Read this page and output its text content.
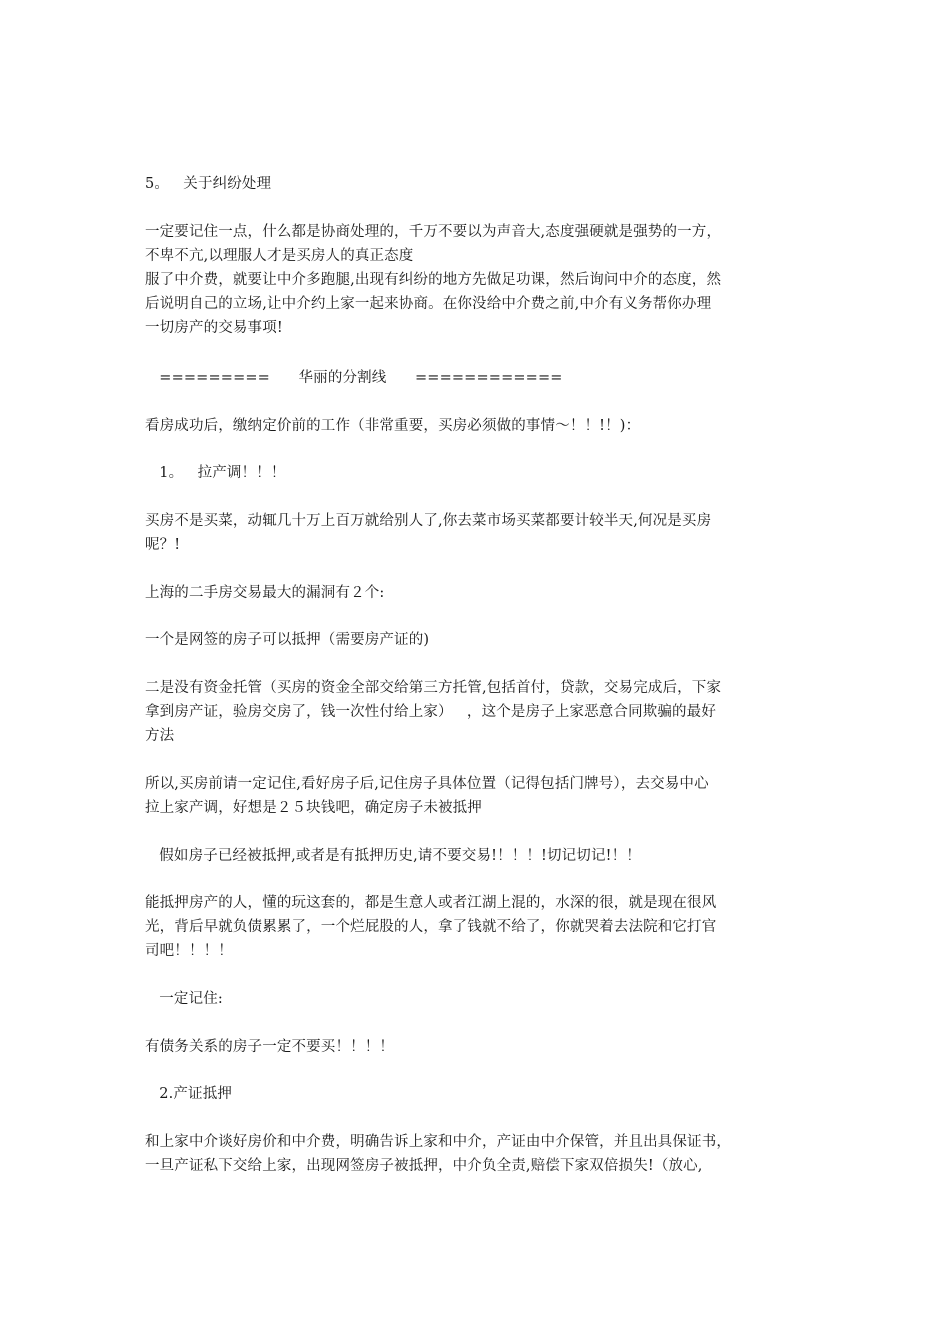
5。   关于纠纷处理
一定要记住一点，什么都是协商处理的，千万不要以为声音大,态度强硬就是强势的一方，
不卑不亢,以理服人才是买房人的真正态度
服了中介费，就要让中介多跑腿,出现有纠纷的地方先做足功课，然后询问中介的态度，然
后说明自己的立场,让中介约上家一起来协商。在你没给中介费之前,中介有义务帮你办理
一切房产的交易事项!
=========      华丽的分割线      ============
看房成功后，缴纳定价前的工作（非常重要，买房必须做的事情～！！!！)：
1。   拉产调！！！
买房不是买菜，动辄几十万上百万就给别人了,你去菜市场买菜都要计较半天,何况是买房
呢？!
上海的二手房交易最大的漏洞有２个:
一个是网签的房子可以抵押（需要房产证的)
二是没有资金托管（买房的资金全部交给第三方托管,包括首付，贷款，交易完成后，下家
拿到房产证，验房交房了，钱一次性付给上家）   ，这个是房子上家恶意合同欺骗的最好
方法
所以,买房前请一定记住,看好房子后,记住房子具体位置（记得包括门牌号），去交易中心
拉上家产调，好想是２５块钱吧，确定房子未被抵押
假如房子已经被抵押,或者是有抵押历史,请不要交易!！！！!切记切记!！！
能抵押房产的人，懂的玩这套的，都是生意人或者江湖上混的，水深的很，就是现在很风
光，背后早就负债累累了，一个烂屁股的人，拿了钱就不给了，你就哭着去法院和它打官
司吧！！！！
一定记住:
有债务关系的房子一定不要买！！！！
2.产证抵押
和上家中介谈好房价和中介费，明确告诉上家和中介，产证由中介保管，并且出具保证书，
一旦产证私下交给上家，出现网签房子被抵押，中介负全责,赔偿下家双倍损失!（放心,
